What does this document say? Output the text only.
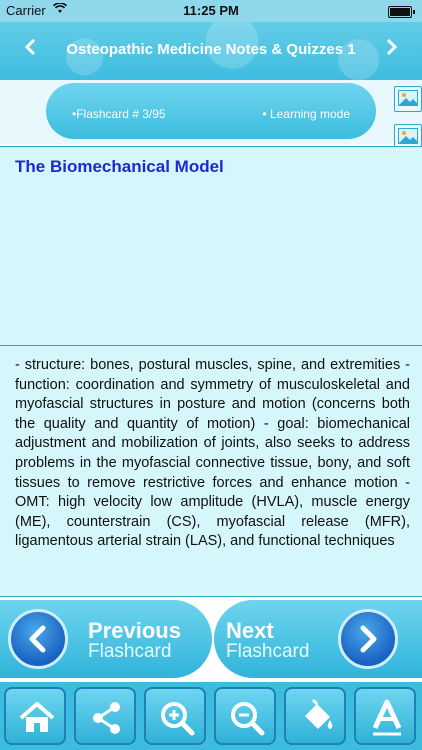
Carrier	11:25 PM
Osteopathic Medicine Notes & Quizzes 1
•Flashcard # 3/95	• Learning mode
The Biomechanical Model
- structure: bones, postural muscles, spine, and extremities - function: coordination and symmetry of musculoskeletal and myofascial structures in posture and motion (concerns both the quality and quantity of motion) - goal: biomechanical adjustment and mobilization of joints, also seeks to address problems in the myofascial connective tissue, bony, and soft tissues to remove restrictive forces and enhance motion - OMT: high velocity low amplitude (HVLA), muscle energy (ME), counterstrain (CS), myofascial release (MFR), ligamentous arterial strain (LAS), and functional techniques
Previous
Flashcard
Next
Flashcard
